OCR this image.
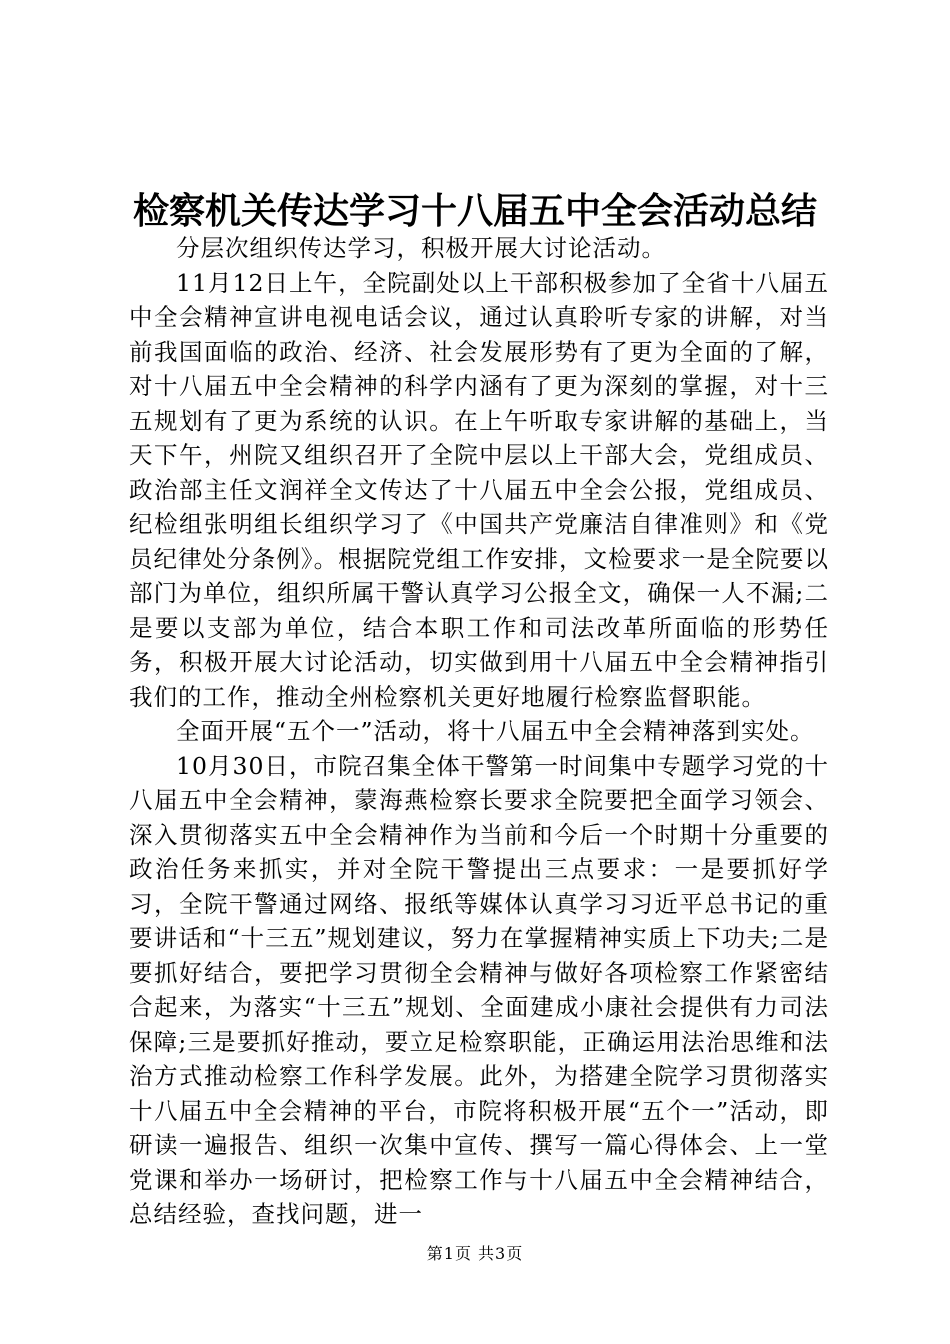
检察机关传达学习十八届五中全会活动总结

分层次组织传达学习，积极开展大讨论活动。

11月12日上午，全院副处以上干部积极参加了全省十八届五中全会精神宣讲电视电话会议，通过认真聆听专家的讲解，对当前我国面临的政治、经济、社会发展形势有了更为全面的了解，对十八届五中全会精神的科学内涵有了更为深刻的掌握，对十三五规划有了更为系统的认识。在上午听取专家讲解的基础上，当天下午，州院又组织召开了全院中层以上干部大会，党组成员、政治部主任文润祥全文传达了十八届五中全会公报，党组成员、纪检组张明组长组织学习了《中国共产党廉洁自律准则》和《党员纪律处分条例》。根据院党组工作安排，文检要求一是全院要以部门为单位，组织所属干警认真学习公报全文，确保一人不漏;二是要以支部为单位，结合本职工作和司法改革所面临的形势任务，积极开展大讨论活动，切实做到用十八届五中全会精神指引我们的工作，推动全州检察机关更好地履行检察监督职能。

全面开展“五个一”活动，将十八届五中全会精神落到实处。

10月30日，市院召集全体干警第一时间集中专题学习党的十八届五中全会精神，蒙海燕检察长要求全院要把全面学习领会、深入贯彻落实五中全会精神作为当前和今后一个时期十分重要的政治任务来抓实，并对全院干警提出三点要求：一是要抓好学习，全院干警通过网络、报纸等媒体认真学习习近平总书记的重要讲话和“十三五”规划建议，努力在掌握精神实质上下功夫;二是要抓好结合，要把学习贯彻全会精神与做好各项检察工作紧密结合起来，为落实“十三五”规划、全面建成小康社会提供有力司法保障;三是要抓好推动，要立足检察职能，正确运用法治思维和法治方式推动检察工作科学发展。此外，为搭建全院学习贯彻落实十八届五中全会精神的平台，市院将积极开展“五个一”活动，即研读一遍报告、组织一次集中宣传、撰写一篇心得体会、上一堂党课和举办一场研讨，把检察工作与十八届五中全会精神结合，总结经验，查找问题，进一

第1页 共3页
